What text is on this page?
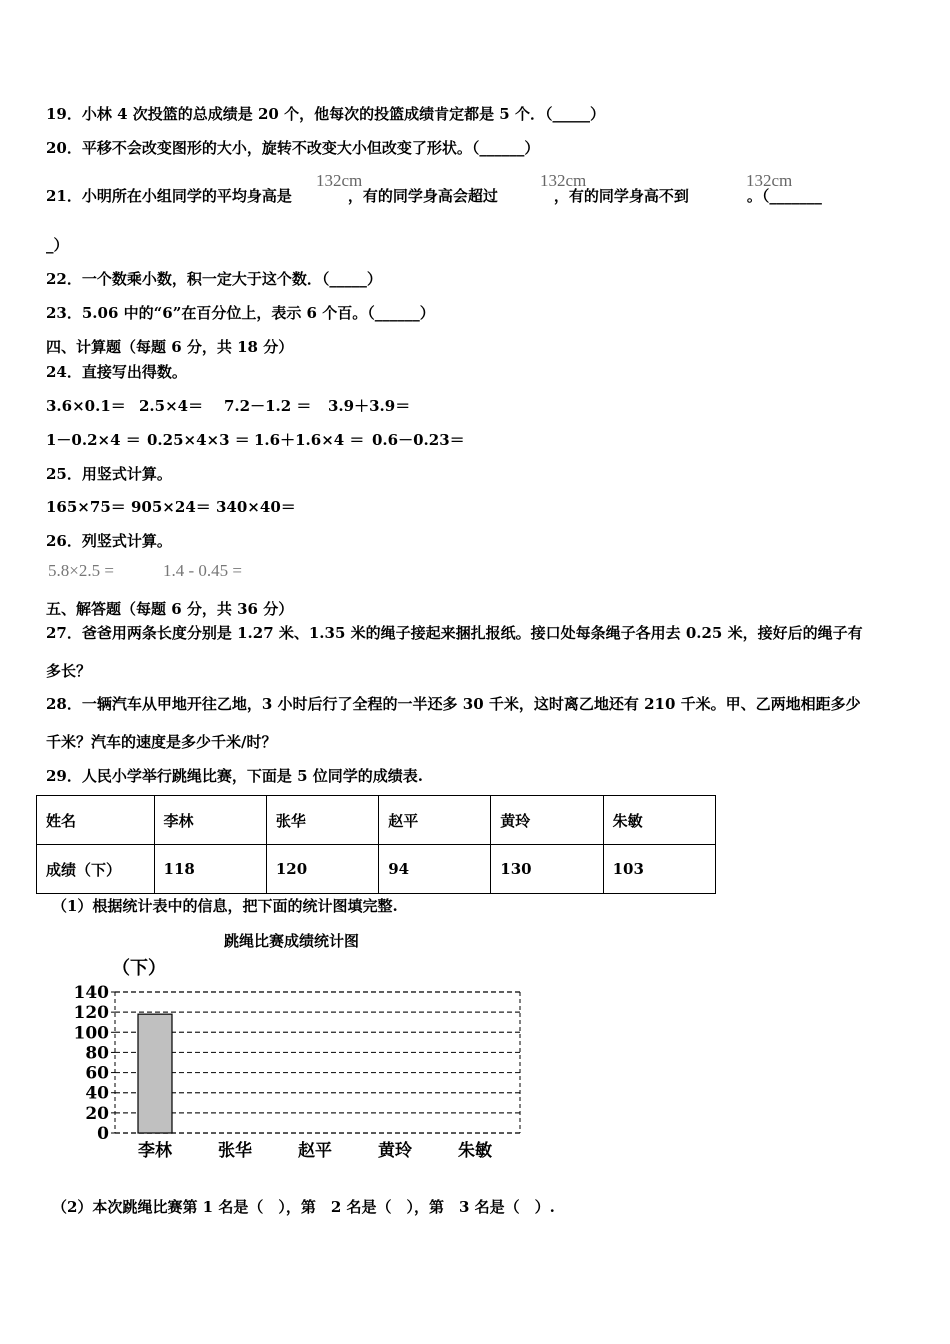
19．小林 4 次投篮的总成绩是 20 个，他每次的投篮成绩肯定都是 5 个．（_____）
20．平移不会改变图形的大小，旋转不改变大小但改变了形状。（______）
21．小明所在小组同学的平均身高是	，有的同学身高会超过	，有的同学身高不到	。（_______
132cm	132cm	132cm
_）
22．一个数乘小数，积一定大于这个数．（_____）
23．5.06 中的“6”在百分位上，表示 6 个百。（______）
四、计算题（每题 6 分，共 18 分）
24．直接写出得数。
3.6×0.1＝ 2.5×4＝ 7.2－1.2 ＝ 3.9＋3.9＝
1－0.2×4 ＝ 0.25×4×3 ＝ 1.6＋1.6×4 ＝ 0.6－0.23＝
25．用竖式计算。
165×75＝ 905×24＝ 340×40＝
26．列竖式计算。
5.8×2.5 =	1.4 - 0.45 =
五、解答题（每题 6 分，共 36 分）
27．爸爸用两条长度分别是 1.27 米、1.35 米的绳子接起来捆扎报纸。接口处每条绳子各用去 0.25 米，接好后的绳子有
多长？
28．一辆汽车从甲地开往乙地，3 小时后行了全程的一半还多 30 千米，这时离乙地还有 210 千米。甲、乙两地相距多少
千米？汽车的速度是多少千米/时？
29．人民小学举行跳绳比赛，下面是 5 位同学的成绩表.
姓名	李林	张华	赵平	黄玲	朱敏
成绩（下）	118	120	94	130	103
（1）根据统计表中的信息，把下面的统计图填完整.
跳绳比赛成绩统计图
（下）
0
20
40
60
80
100
120
140
李林	张华	赵平	黄玲	朱敏
（2）本次跳绳比赛第 1 名是（　），第　2 名是（　），第　3 名是（　）.
